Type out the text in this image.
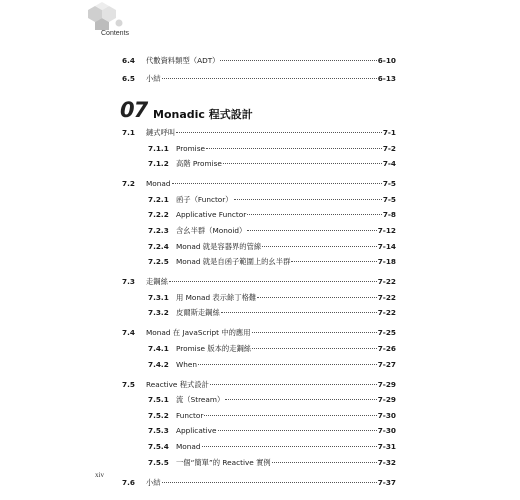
Contents
6.4 代數資料類型（ADT）	6-10
6.5 小結	6-13
7.1 鏈式呼叫	7-1
7.1.1 Promise	7-2
7.1.2 高階 Promise	7-4
7.2 Monad	7-5
7.2.1 函子（Functor）	7-5
7.2.2 Applicative Functor	7-8
7.2.3 含幺半群（Monoid）	7-12
7.2.4 Monad 就是容器界的管線	7-14
7.2.5 Monad 就是自函子範圍上的幺半群	7-18
7.3 走鋼絲	7-22
7.3.1 用 Monad 表示餘丁格難	7-22
7.3.2 皮爾斯走鋼絲	7-22
7.4 Monad 在 JavaScript 中的應用	7-25
7.4.1 Promise 版本的走鋼絲	7-26
7.4.2 When	7-27
7.5 Reactive 程式設計	7-29
7.5.1 流（Stream）	7-29
7.5.2 Functor	7-30
7.5.3 Applicative	7-30
7.5.4 Monad	7-31
7.5.5 一個“簡單”的 Reactive 實例	7-32
7.6 小結	7-37
07 Monadic 程式設計
xiv
